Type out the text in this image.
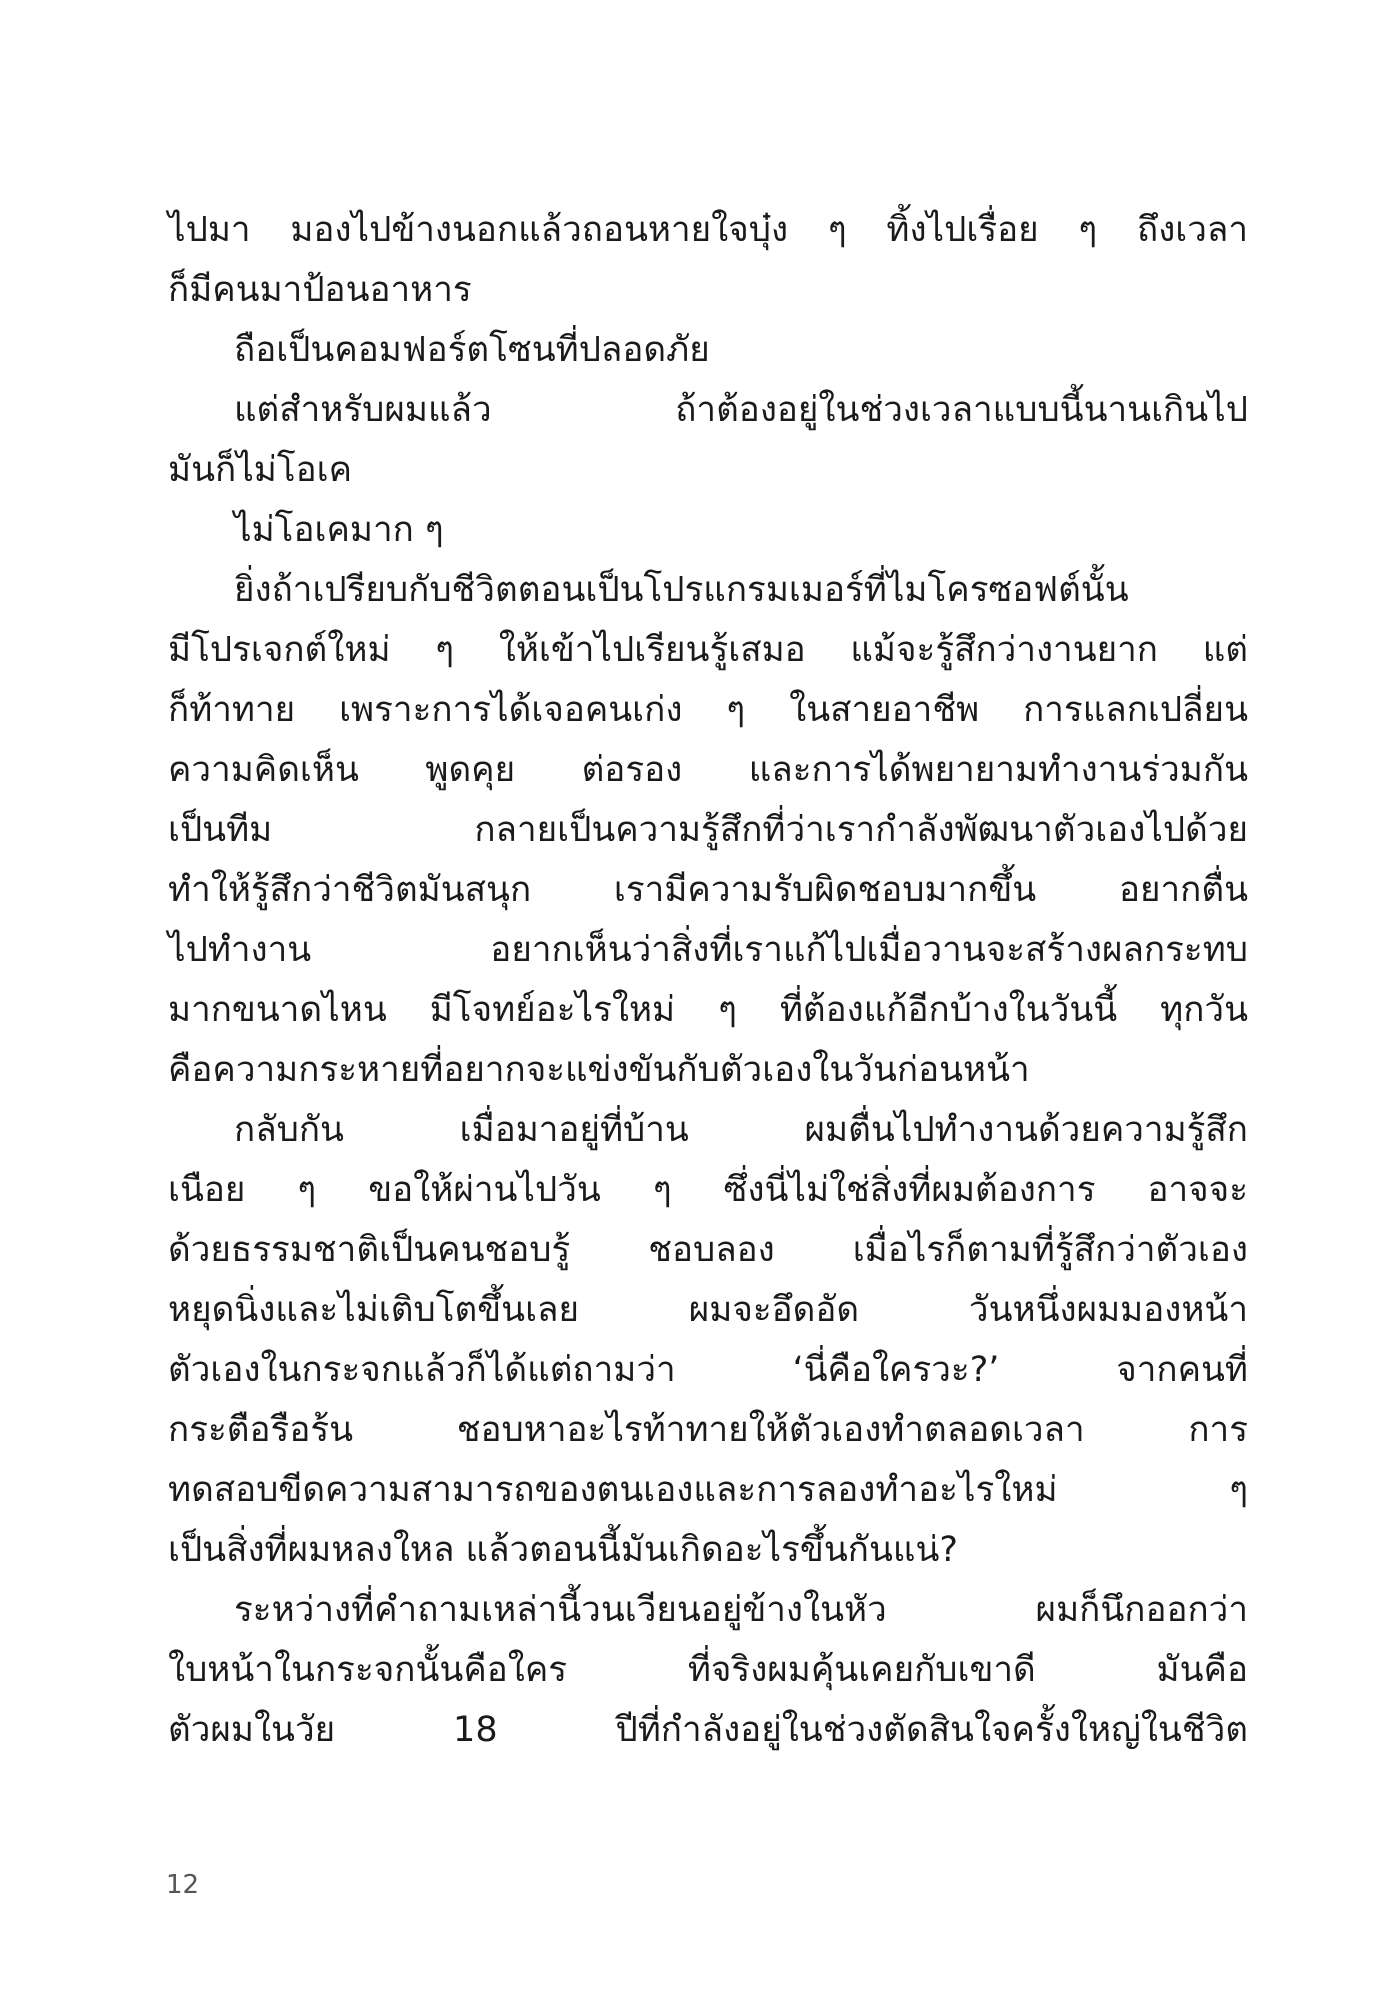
ไปมา มองไปข้างนอกแล้วถอนหายใจบุ๋ง ๆ ทิ้งไปเรื่อย ๆ ถึงเวลา
ก็มีคนมาป้อนอาหาร
ถือเป็นคอมฟอร์ตโซนที่ปลอดภัย
แต่สำหรับผมแล้ว ถ้าต้องอยู่ในช่วงเวลาแบบนี้นานเกินไป
มันก็ไม่โอเค
ไม่โอเคมาก ๆ
ยิ่งถ้าเปรียบกับชีวิตตอนเป็นโปรแกรมเมอร์ที่ไมโครซอฟต์นั้น
มีโปรเจกต์ใหม่ ๆ ให้เข้าไปเรียนรู้เสมอ แม้จะรู้สึกว่างานยาก แต่
ก็ท้าทาย เพราะการได้เจอคนเก่ง ๆ ในสายอาชีพ การแลกเปลี่ยน
ความคิดเห็น พูดคุย ต่อรอง และการได้พยายามทำงานร่วมกัน
เป็นทีม กลายเป็นความรู้สึกที่ว่าเรากำลังพัฒนาตัวเองไปด้วย
ทำให้รู้สึกว่าชีวิตมันสนุก เรามีความรับผิดชอบมากขึ้น อยากตื่น
ไปทำงาน อยากเห็นว่าสิ่งที่เราแก้ไปเมื่อวานจะสร้างผลกระทบ
มากขนาดไหน มีโจทย์อะไรใหม่ ๆ ที่ต้องแก้อีกบ้างในวันนี้ ทุกวัน
คือความกระหายที่อยากจะแข่งขันกับตัวเองในวันก่อนหน้า
กลับกัน เมื่อมาอยู่ที่บ้าน ผมตื่นไปทำงานด้วยความรู้สึก
เนือย ๆ ขอให้ผ่านไปวัน ๆ ซึ่งนี่ไม่ใช่สิ่งที่ผมต้องการ อาจจะ
ด้วยธรรมชาติเป็นคนชอบรู้ ชอบลอง เมื่อไรก็ตามที่รู้สึกว่าตัวเอง
หยุดนิ่งและไม่เติบโตขึ้นเลย ผมจะอึดอัด วันหนึ่งผมมองหน้า
ตัวเองในกระจกแล้วก็ได้แต่ถามว่า ‘นี่คือใครวะ?’ จากคนที่
กระตือรือร้น ชอบหาอะไรท้าทายให้ตัวเองทำตลอดเวลา การ
ทดสอบขีดความสามารถของตนเองและการลองทำอะไรใหม่ ๆ
เป็นสิ่งที่ผมหลงใหล แล้วตอนนี้มันเกิดอะไรขึ้นกันแน่?
ระหว่างที่คำถามเหล่านี้วนเวียนอยู่ข้างในหัว ผมก็นึกออกว่า
ใบหน้าในกระจกนั้นคือใคร ที่จริงผมคุ้นเคยกับเขาดี มันคือ
ตัวผมในวัย 18 ปีที่กำลังอยู่ในช่วงตัดสินใจครั้งใหญ่ในชีวิต
12
